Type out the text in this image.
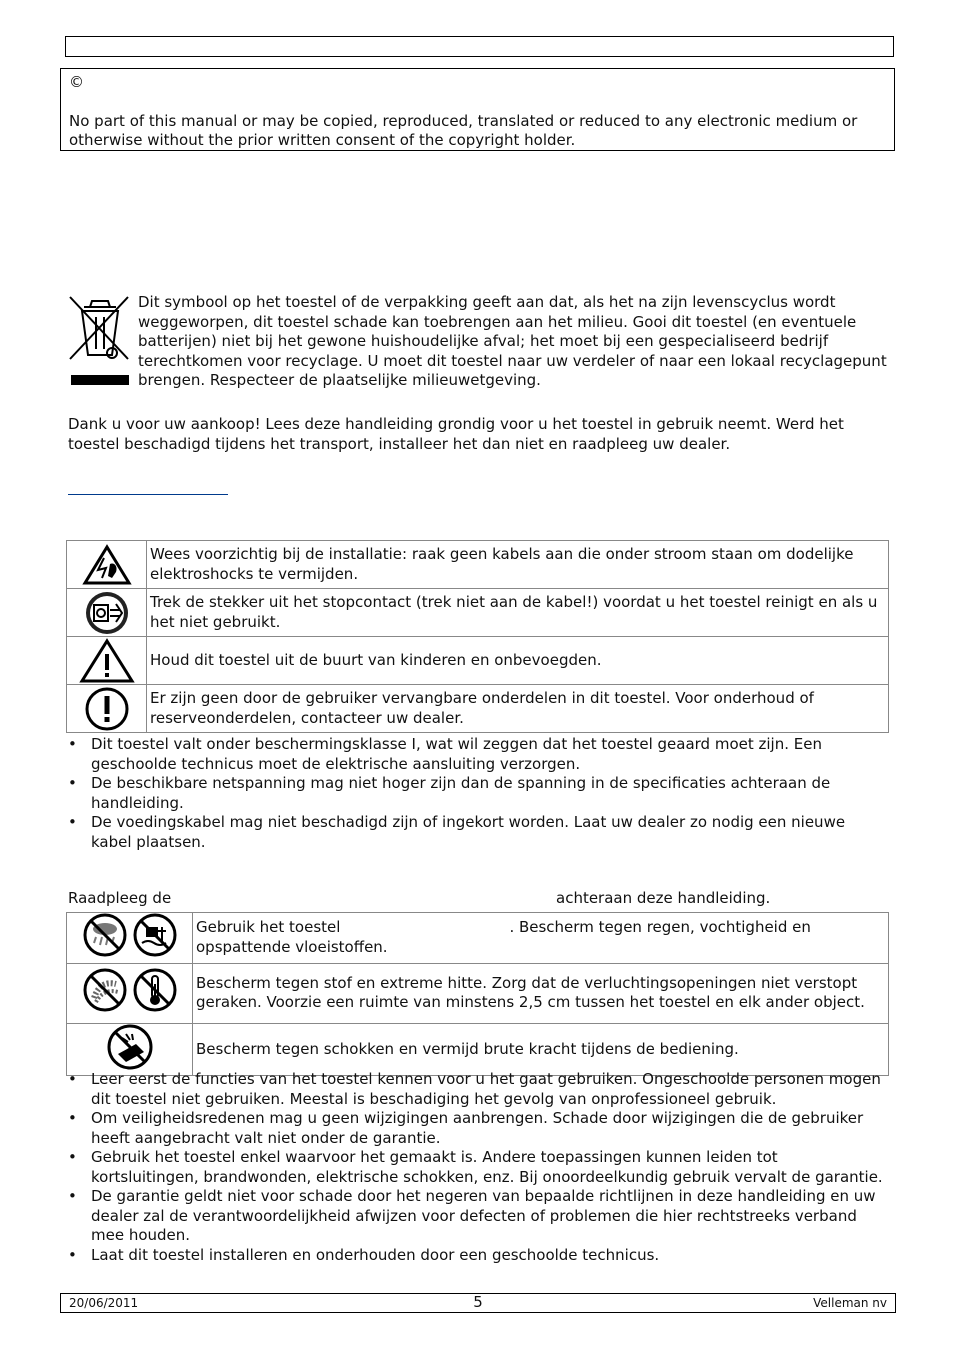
©

No part of this manual or may be copied, reproduced, translated or reduced to any electronic medium or otherwise without the prior written consent of the copyright holder.

Dit symbool op het toestel of de verpakking geeft aan dat, als het na zijn levenscyclus wordt weggeworpen, dit toestel schade kan toebrengen aan het milieu. Gooi dit toestel (en eventuele batterijen) niet bij het gewone huishoudelijke afval; het moet bij een gespecialiseerd bedrijf terechtkomen voor recyclage. U moet dit toestel naar uw verdeler of naar een lokaal recyclagepunt brengen. Respecteer de plaatselijke milieuwetgeving.

Dank u voor uw aankoop! Lees deze handleiding grondig voor u het toestel in gebruik neemt. Werd het toestel beschadigd tijdens het transport, installeer het dan niet en raadpleeg uw dealer.

	Wees voorzichtig bij de installatie: raak geen kabels aan die onder stroom staan om dodelijke elektroshocks te vermijden.

	Trek de stekker uit het stopcontact (trek niet aan de kabel!) voordat u het toestel reinigt en als u het niet gebruikt.

	Houd dit toestel uit de buurt van kinderen en onbevoegden.

	Er zijn geen door de gebruiker vervangbare onderdelen in dit toestel. Voor onderhoud of reserveonderdelen, contacteer uw dealer.
• Dit toestel valt onder beschermingsklasse I, wat wil zeggen dat het toestel geaard moet zijn. Een geschoolde technicus moet de elektrische aansluiting verzorgen.
• De beschikbare netspanning mag niet hoger zijn dan de spanning in de specificaties achteraan de handleiding.
• De voedingskabel mag niet beschadigd zijn of ingekort worden. Laat uw dealer zo nodig een nieuwe kabel plaatsen.
Raadpleeg de	achteraan deze handleiding.
	Gebruik het toestel . Bescherm tegen regen, vochtigheid en opspattende vloeistoffen.

	Bescherm tegen stof en extreme hitte. Zorg dat de verluchtingsopeningen niet verstopt geraken. Voorzie een ruimte van minstens 2,5 cm tussen het toestel en elk ander object.

	Bescherm tegen schokken en vermijd brute kracht tijdens de bediening.
• Leer eerst de functies van het toestel kennen voor u het gaat gebruiken. Ongeschoolde personen mogen dit toestel niet gebruiken. Meestal is beschadiging het gevolg van onprofessioneel gebruik.
• Om veiligheidsredenen mag u geen wijzigingen aanbrengen. Schade door wijzigingen die de gebruiker heeft aangebracht valt niet onder de garantie.
• Gebruik het toestel enkel waarvoor het gemaakt is. Andere toepassingen kunnen leiden tot kortsluitingen, brandwonden, elektrische schokken, enz. Bij onoordeelkundig gebruik vervalt de garantie.
• De garantie geldt niet voor schade door het negeren van bepaalde richtlijnen in deze handleiding en uw dealer zal de verantwoordelijkheid afwijzen voor defecten of problemen die hier rechtstreeks verband mee houden.
• Laat dit toestel installeren en onderhouden door een geschoolde technicus.
20/06/2011	5	Velleman nv
